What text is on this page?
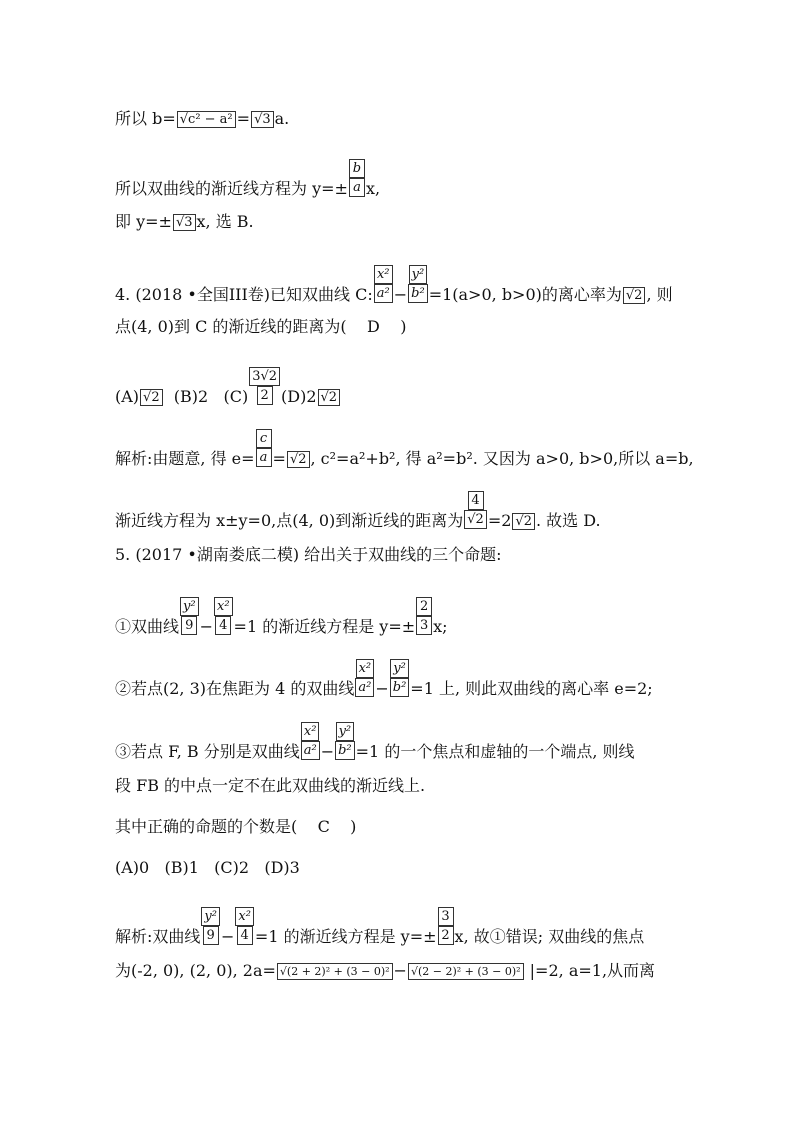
所以 b= √c² − a² = √3 a.
所以双曲线的渐近线方程为 $y=\pm \frac{b}{a} x$,
即 y=± √3 x, 选 B.
4. (2018 •全国III卷)已知双曲线 C: $\frac{\text{x²}}{\text{a²}} - \frac{\text{y²}}{\text{b²}} =1(a>0$, b>0)的离心率为 √2 , 则
点(4, 0)到 C 的渐近线的距离为(    D    )
(A) √2 (B)2   $(C) \frac{3√2}{2} (D)2$ √2
解析:由题意, 得 $e= \frac{c}{a} = √2$ , c²=a²+b², 得 a²=b². 又因为 a>0, b>0,所以 a=b,
渐近线方程为 x±y=0,点(4, 0)到渐近线的距离为 $\frac{4}{√2} =2$ √2 . 故选 D.
5. (2017 •湖南娄底二模) 给出关于双曲线的三个命题:
①双曲线 $\frac{\text{y²}}{9} - \frac{\text{x²}}{4} =1$ 的渐近线方程是 $y=\pm \frac{2}{3} x$;
②若点(2, 3)在焦距为 4 的双曲线 $\frac{\text{x²}}{\text{a²}} - \frac{\text{y²}}{\text{b²}} =1$ 上, 则此双曲线的离心率 e=2;
③若点 F, B 分别是双曲线 $\frac{\text{x²}}{\text{a²}} - \frac{\text{y²}}{\text{b²}} =1$ 的一个焦点和虚轴的一个端点, 则线
段 FB 的中点一定不在此双曲线的渐近线上.
其中正确的命题的个数是(    C    )
(A)0   (B)1   (C)2   (D)3
解析:双曲线 $\frac{\text{y²}}{9} - \frac{\text{x²}}{4} =1$ 的渐近线方程是 $y=\pm \frac{3}{2} x$, 故①错误; 双曲线的焦点
为(-2, 0), (2, 0), 2a= √(2 + 2)² + (3 − 0)² − √(2 − 2)² + (3 − 0)² |=2, a=1,从而离
